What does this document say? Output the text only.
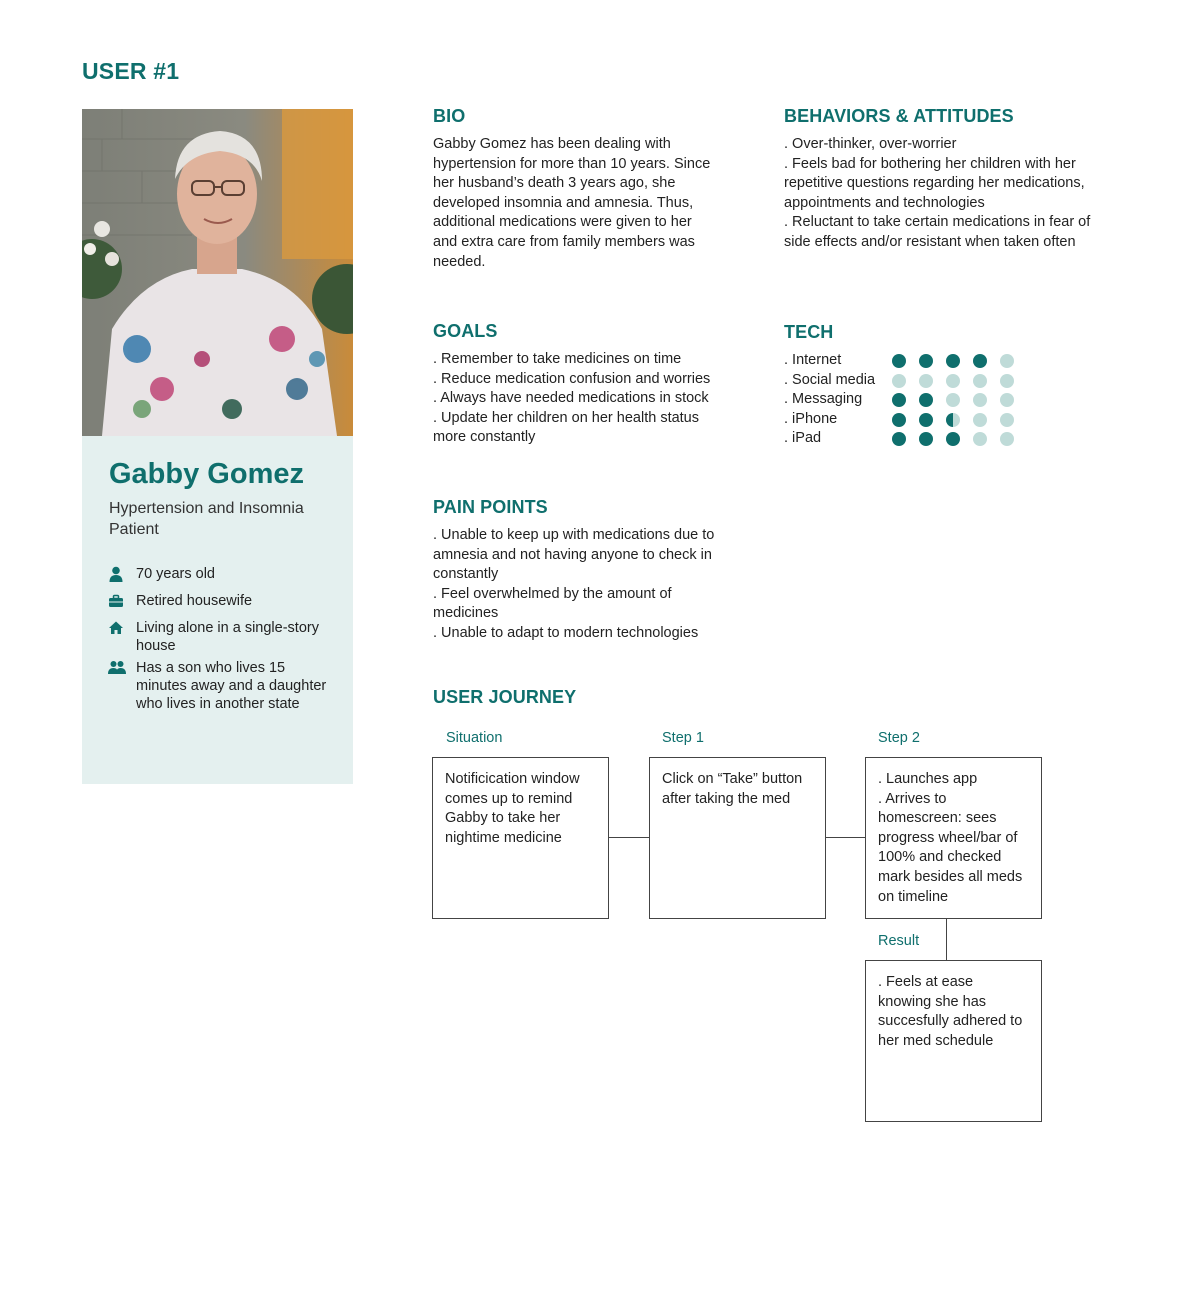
USER #1
Gabby Gomez
Hypertension and Insomnia Patient
70 years old
Retired housewife
Living alone in a single-story house
Has a son who lives 15 minutes away and a daughter who lives in another state
BIO

Gabby Gomez has been dealing with hypertension for more than 10 years. Since her husband’s death 3 years ago, she developed insomnia and amnesia. Thus, additional medications were given to her and extra care from family members was needed.

BEHAVIORS & ATTITUDES
. Over-thinker, over-worrier
. Feels bad for bothering her children with her repetitive questions regarding her medications, appointments and technologies
. Reluctant to take certain medications in fear of side effects and/or resistant when taken often
GOALS
. Remember to take medicines on time
. Reduce medication confusion and worries
. Always have needed medications in stock
. Update her children on her health status more constantly
TECH
. Internet
. Social media
. Messaging
. iPhone
. iPad
PAIN POINTS
. Unable to keep up with medications due to amnesia and not having anyone to check in constantly
. Feel overwhelmed by the amount of medicines
. Unable to adapt to modern technologies
USER JOURNEY
Situation	Step 1	Step 2
Result
Notificication window comes up to remind Gabby to take her nightime medicine
Click on “Take” button after taking the med
. Launches app
. Arrives to homescreen: sees progress wheel/bar of 100% and checked mark besides all meds on timeline
. Feels at ease knowing she has succesfully adhered to her med schedule
